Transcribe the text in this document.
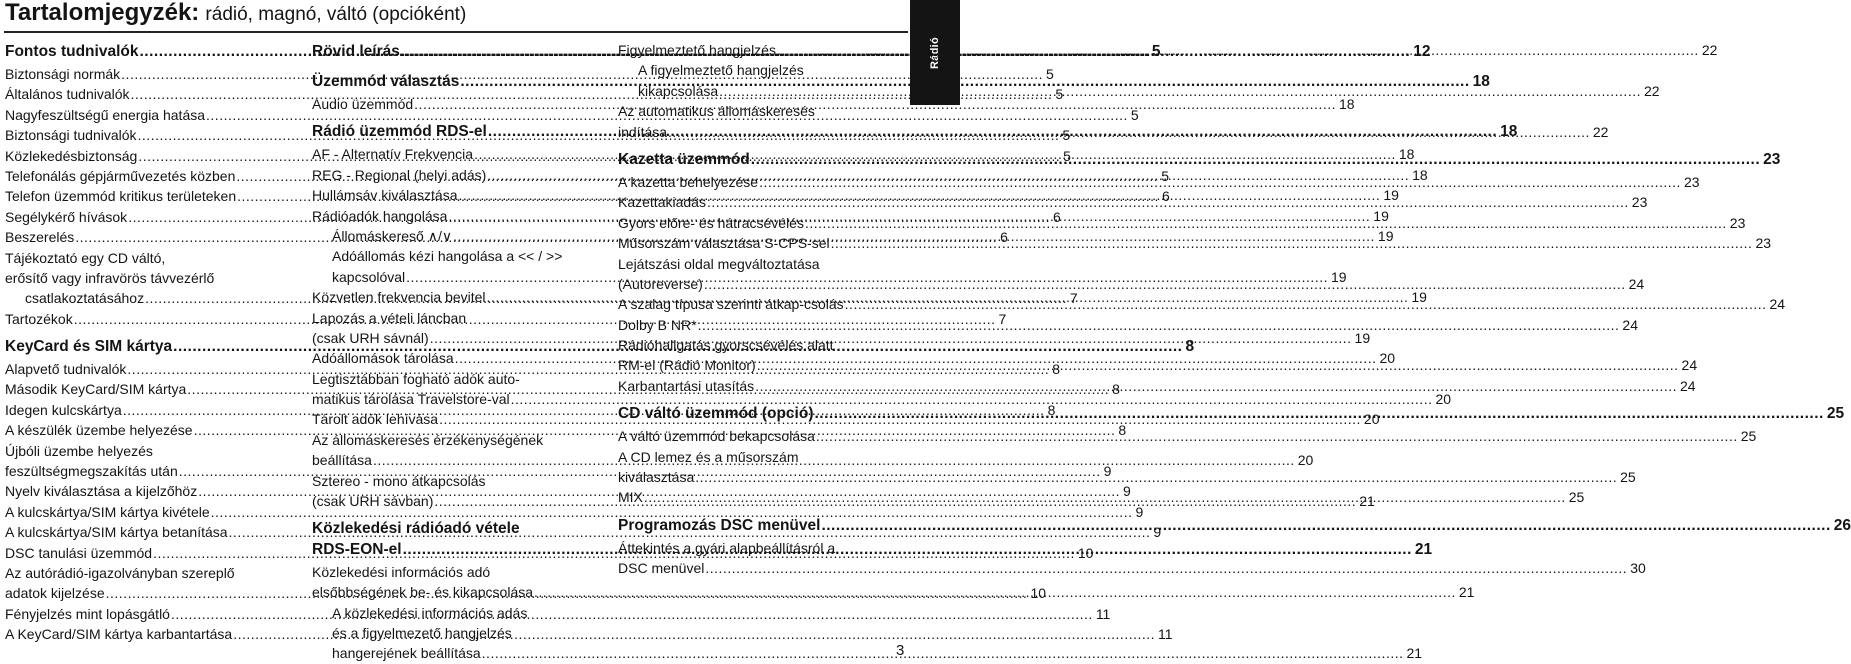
Tartalomjegyzék: rádió, magnó, váltó (opcióként)
Rádió
Fontos tudnivalók .....	5
Biztonsági normák .....	5
Általános tudnivalók .....	5
Nagyfeszültségű energia hatása .....	5
Biztonsági tudnivalók .....	5
Közlekedésbiztonság .....	5
Telefonálás gépjárművezetés közben .....	5
Telefon üzemmód kritikus területeken .....	6
Segélykérő hívások .....	6
Beszerelés .....	6
Tájékoztató egy CD váltó,
erősítő vagy infravörös távvezérlő
csatlakoztatásához .....	7
Tartozékok .....	7
KeyCard és SIM kártya .....	8
Alapvető tudnivalók .....	8
Második KeyCard/SIM kártya .....	8
Idegen kulcskártya .....	8
A készülék üzembe helyezése .....	8
Újbóli üzembe helyezés
feszültségmegszakítás után .....	9
Nyelv kiválasztása a kijelzőhöz .....	9
A kulcskártya/SIM kártya kivétele .....	9
A kulcskártya/SIM kártya betanítása .....	9
DSC tanulási üzemmód .....	10
Az autórádió-igazolványban szereplő
adatok kijelzése .....	10
Fényjelzés mint lopásgátló .....	11
A KeyCard/SIM kártya karbantartása .....	11
Rövid leírás .....	12
Üzemmód választás .....	18
Audio üzemmód .....	18
Rádió üzemmód RDS-el .....	18
AF - Alternatív Frekvencia .....	18
REG - Regional (helyi adás) .....	18
Hullámsáv kiválasztása .....	19
Rádióadók hangolása .....	19
Állomáskereső ∧/∨ .....	19
Adóállomás kézi hangolása a << / >>
kapcsolóval .....	19
Közvetlen frekvencia bevitel .....	19
Lapozás a vételi láncban
(csak URH sávnál) .....	19
Adóállomások tárolása .....	20
Legtisztábban fogható adók auto-
matikus tárolása Travelstore-val .....	20
Tárolt adók lehívása .....	20
Az állomáskeresés érzékenységének
beállítása .....	20
Sztereo - mono átkapcsolás
(csak URH sávban) .....	21
Közlekedési rádióadó vétele
RDS-EON-el .....	21
Közlekedési információs adó
elsőbbségének be- és kikapcsolása .....	21
A közlekedési információs adás
és a figyelmezető hangjelzés
hangerejének beállítása .....	21
Figyelmeztető hangjelzés .....	22
A figyelmeztető hangjelzés
kikapcsolása .....	22
Az automatikus állomáskeresés
indítása .....	22
Kazetta üzemmód .....	23
A kazetta behelyezése .....	23
Kazettakiadás .....	23
Gyors előre- és hátracsévélés .....	23
Műsorszám választása S-CPS-sel .....	23
Lejátszási oldal megváltoztatása
(Autoreverse) .....	24
A szalag típusa szerinti átkap-csolás .....	24
Dolby B NR* .....	24
Rádióhallgatás gyorscsévélés alatt
RM-el (Rádió Monitor) .....	24
Karbantartási utasítás .....	24
CD váltó üzemmód (opció) .....	25
A váltó üzemmód bekapcsolása .....	25
A CD lemez és a műsorszám
kiválasztása .....	25
MIX .....	25
Programozás DSC menüvel .....	26
Áttekintés a gyári alapbeállításról a
DSC menüvel .....	30
3
